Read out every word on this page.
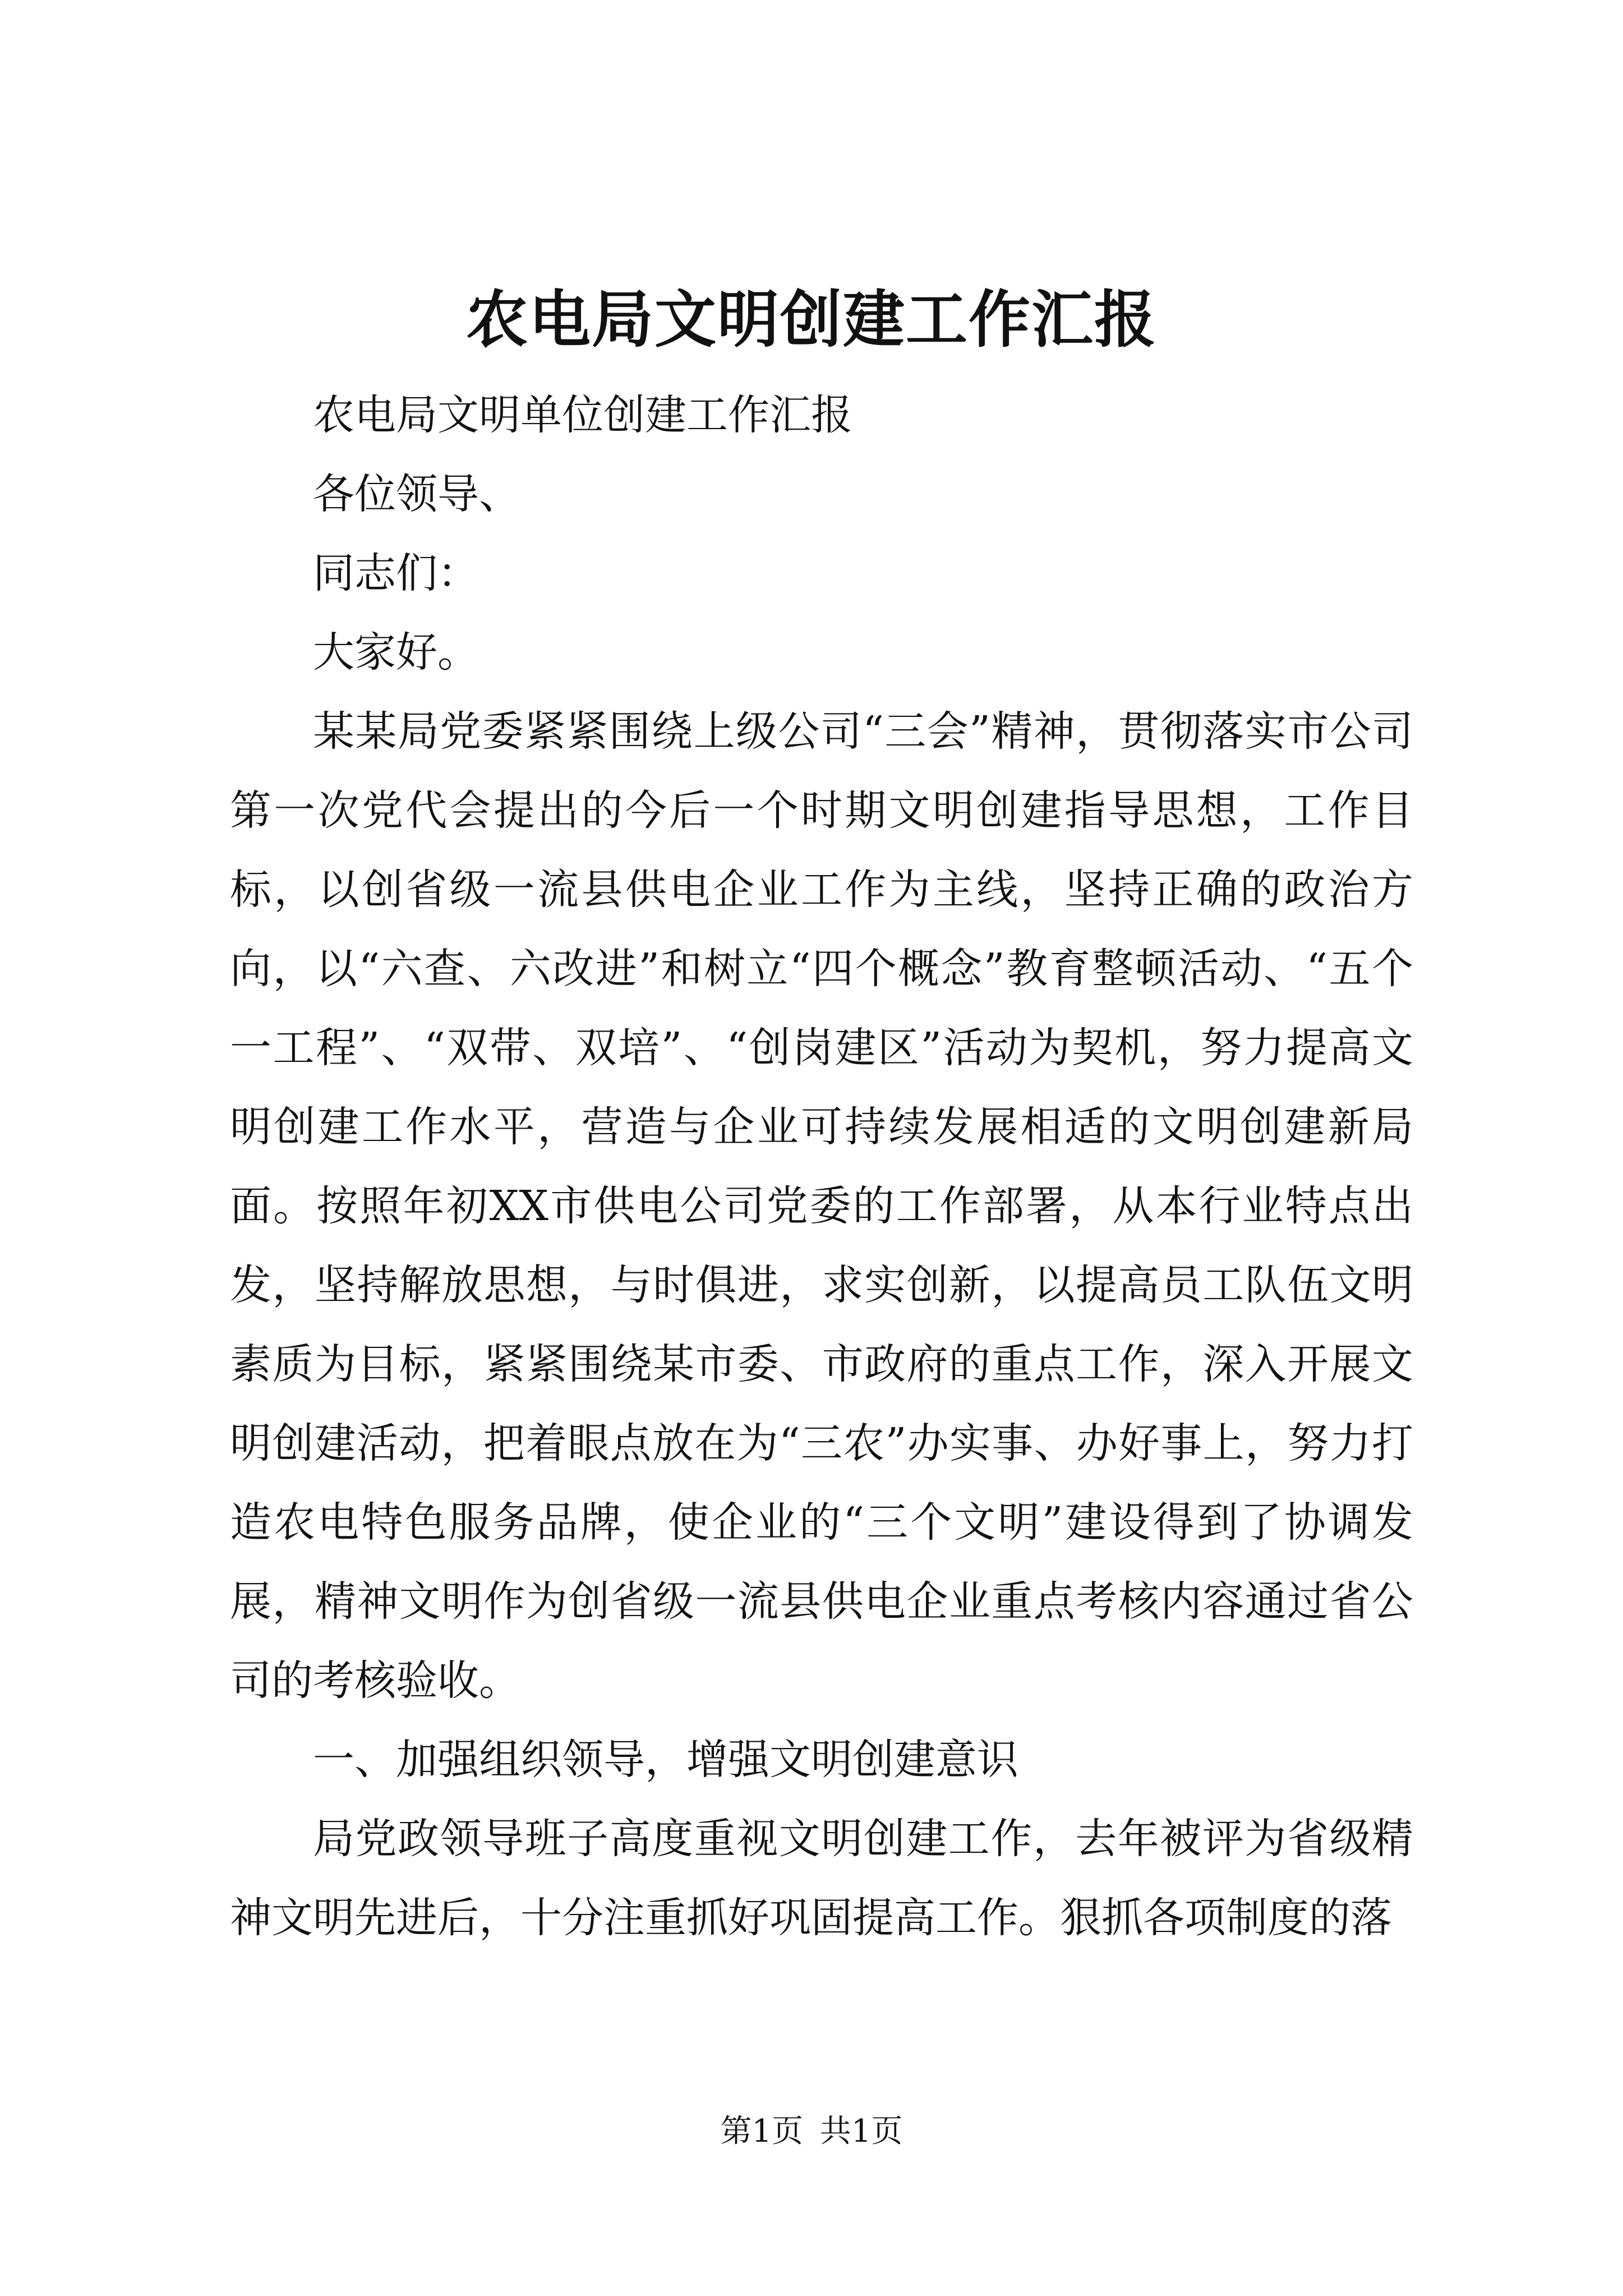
农电局文明创建工作汇报

农电局文明单位创建工作汇报

各位领导、

同志们：

大家好。

某某局党委紧紧围绕上级公司“三会”精神，贯彻落实市公司第一次党代会提出的今后一个时期文明创建指导思想，工作目标，以创省级一流县供电企业工作为主线，坚持正确的政治方向，以“六查、六改进”和树立“四个概念”教育整顿活动、“五个一工程”、“双带、双培”、“创岗建区”活动为契机，努力提高文明创建工作水平，营造与企业可持续发展相适的文明创建新局面。按照年初XX市供电公司党委的工作部署，从本行业特点出发，坚持解放思想，与时俱进，求实创新，以提高员工队伍文明素质为目标，紧紧围绕某市委、市政府的重点工作，深入开展文明创建活动，把着眼点放在为“三农”办实事、办好事上，努力打造农电特色服务品牌，使企业的“三个文明”建设得到了协调发展，精神文明作为创省级一流县供电企业重点考核内容通过省公司的考核验收。

一、加强组织领导，增强文明创建意识

局党政领导班子高度重视文明创建工作，去年被评为省级精神文明先进后，十分注重抓好巩固提高工作。狠抓各项制度的落

第1页 共1页
